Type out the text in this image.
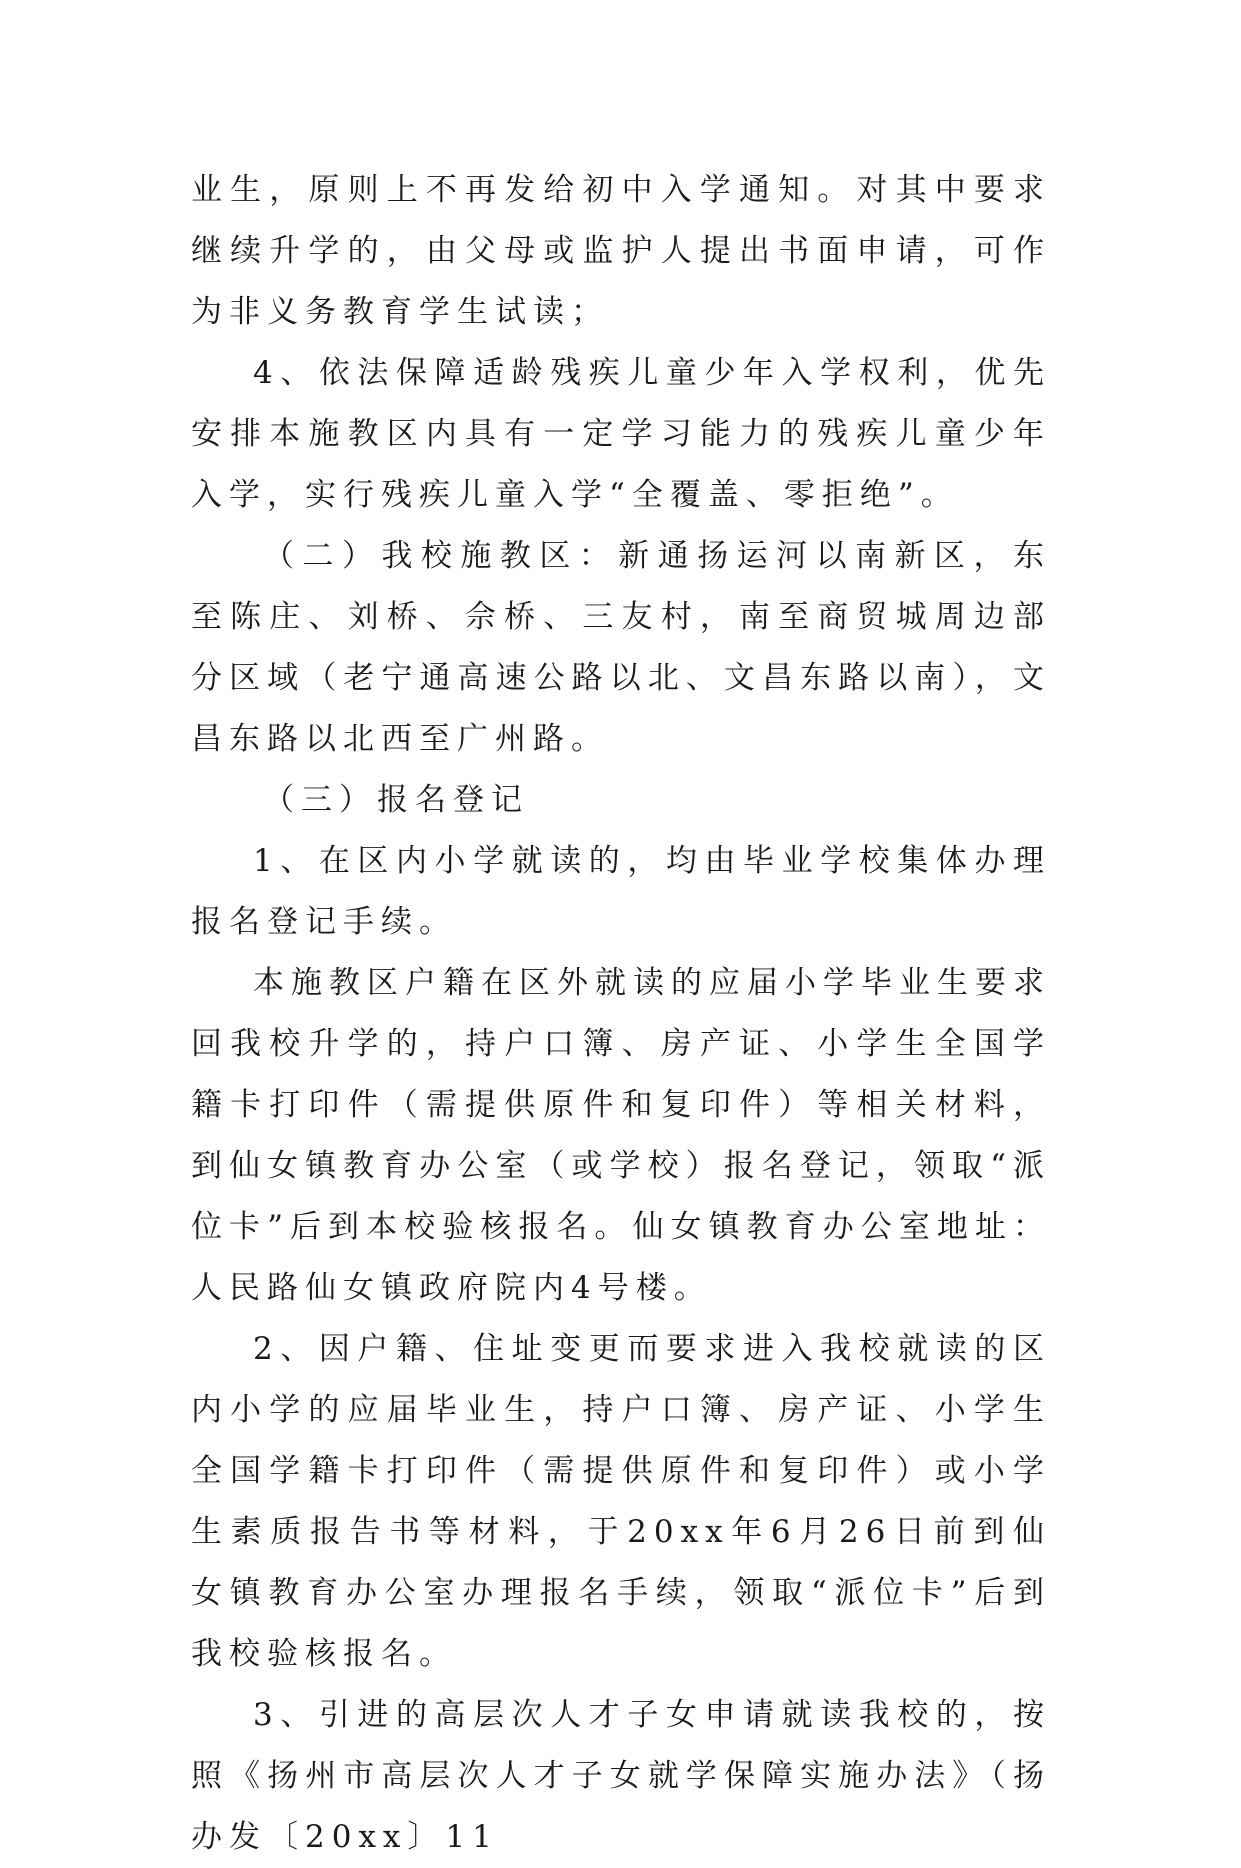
业生，原则上不再发给初中入学通知。对其中要求继续升学的，由父母或监护人提出书面申请，可作为非义务教育学生试读；

4、依法保障适龄残疾儿童少年入学权利，优先安排本施教区内具有一定学习能力的残疾儿童少年入学，实行残疾儿童入学“全覆盖、零拒绝”。

（二）我校施教区：新通扬运河以南新区，东至陈庄、刘桥、佘桥、三友村，南至商贸城周边部分区域（老宁通高速公路以北、文昌东路以南），文昌东路以北西至广州路。

（三）报名登记

1、在区内小学就读的，均由毕业学校集体办理报名登记手续。

本施教区户籍在区外就读的应届小学毕业生要求回我校升学的，持户口簿、房产证、小学生全国学籍卡打印件（需提供原件和复印件）等相关材料，到仙女镇教育办公室（或学校）报名登记，领取“派位卡”后到本校验核报名。仙女镇教育办公室地址：人民路仙女镇政府院内4号楼。

2、因户籍、住址变更而要求进入我校就读的区内小学的应届毕业生，持户口簿、房产证、小学生全国学籍卡打印件（需提供原件和复印件）或小学生素质报告书等材料，于20xx年6月26日前到仙女镇教育办公室办理报名手续，领取“派位卡”后到我校验核报名。

3、引进的高层次人才子女申请就读我校的，按照《扬州市高层次人才子女就学保障实施办法》（扬办发〔20xx〕11
